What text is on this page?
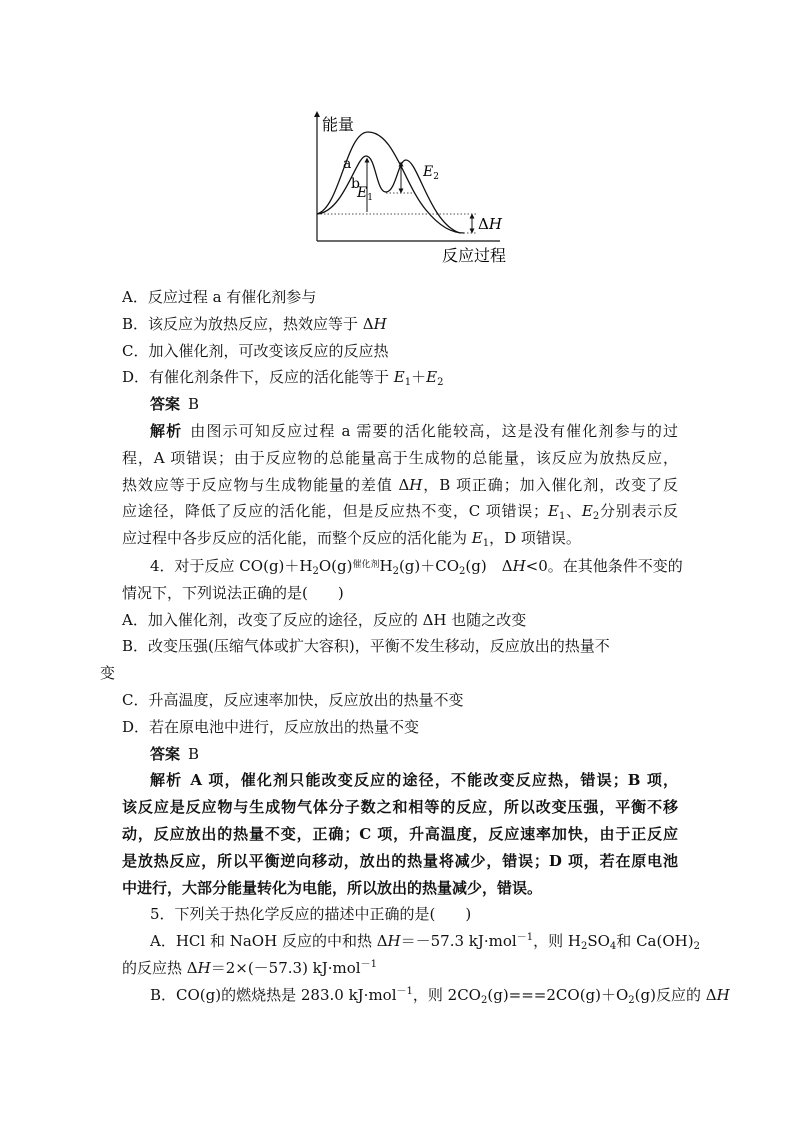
能量
反应过程
a
b
$E_1$
$E_2$
ΔH
A．反应过程 a 有催化剂参与
B．该反应为放热反应，热效应等于 ΔH
C．加入催化剂，可改变该反应的反应热
D．有催化剂条件下，反应的活化能等于 $E_1+E_2$
答案 B
解析 由图示可知反应过程 a 需要的活化能较高，这是没有催化剂参与的过
程，A 项错误；由于反应物的总能量高于生成物的总能量，该反应为放热反应，
热效应等于反应物与生成物能量的差值 ΔH，B 项正确；加入催化剂，改变了反
应途径，降低了反应的活化能，但是反应热不变，C 项错误；$E_1$、$E_2$分别表示反
应过程中各步反应的活化能，而整个反应的活化能为 $E_1$，D 项错误。
4．对于反应 $CO(g)+H_2O(g)^{催化剂}H_2(g)+CO_2(g)$　ΔH<0。在其他条件不变的
情况下，下列说法正确的是(　　)
A．加入催化剂，改变了反应的途径，反应的 ΔH 也随之改变
B．改变压强(压缩气体或扩大容积)，平衡不发生移动，反应放出的热量不
变
C．升高温度，反应速率加快，反应放出的热量不变
D．若在原电池中进行，反应放出的热量不变
答案 B
解析 A 项，催化剂只能改变反应的途径，不能改变反应热，错误；B 项，
该反应是反应物与生成物气体分子数之和相等的反应，所以改变压强，平衡不移
动，反应放出的热量不变，正确；C 项，升高温度，反应速率加快，由于正反应
是放热反应，所以平衡逆向移动，放出的热量将减少，错误；D 项，若在原电池
中进行，大部分能量转化为电能，所以放出的热量减少，错误。
5．下列关于热化学反应的描述中正确的是(　　)
A．HCl 和 NaOH 反应的中和热 ΔH＝－57.3 kJ·mol$^{-1}$，则 $H_2SO_4$和 $Ca(OH)_2$
的反应热 ΔH＝2×(－57.3) kJ·mol$^{-1}$
B．CO(g)的燃烧热是 283.0 kJ·mol$^{-1}$，则 $2CO_2(g)===2CO(g)+O_2(g)$反应的 ΔH
